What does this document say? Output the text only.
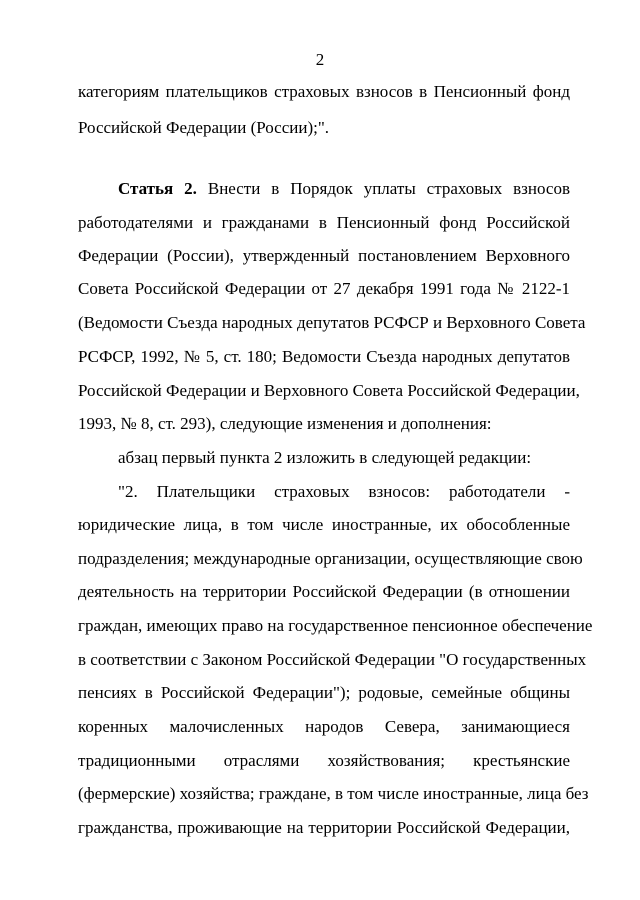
2
категориям плательщиков страховых взносов в Пенсионный фонд
Российской Федерации (России);".
Статья 2. Внести в Порядок уплаты страховых взносов
работодателями и гражданами в Пенсионный фонд Российской
Федерации (России), утвержденный постановлением Верховного
Совета Российской Федерации от 27 декабря 1991 года № 2122-1
(Ведомости Съезда народных депутатов РСФСР и Верховного Совета
РСФСР, 1992, № 5, ст. 180; Ведомости Съезда народных депутатов
Российской Федерации и Верховного Совета Российской Федерации,
1993, № 8, ст. 293), следующие изменения и дополнения:
абзац первый пункта 2 изложить в следующей редакции:
"2. Плательщики страховых взносов: работодатели -
юридические лица, в том числе иностранные, их обособленные
подразделения; международные организации, осуществляющие свою
деятельность на территории Российской Федерации (в отношении
граждан, имеющих право на государственное пенсионное обеспечение
в соответствии с Законом Российской Федерации "О государственных
пенсиях в Российской Федерации"); родовые, семейные общины
коренных малочисленных народов Севера, занимающиеся
традиционными отраслями хозяйствования; крестьянские
(фермерские) хозяйства; граждане, в том числе иностранные, лица без
гражданства, проживающие на территории Российской Федерации,
